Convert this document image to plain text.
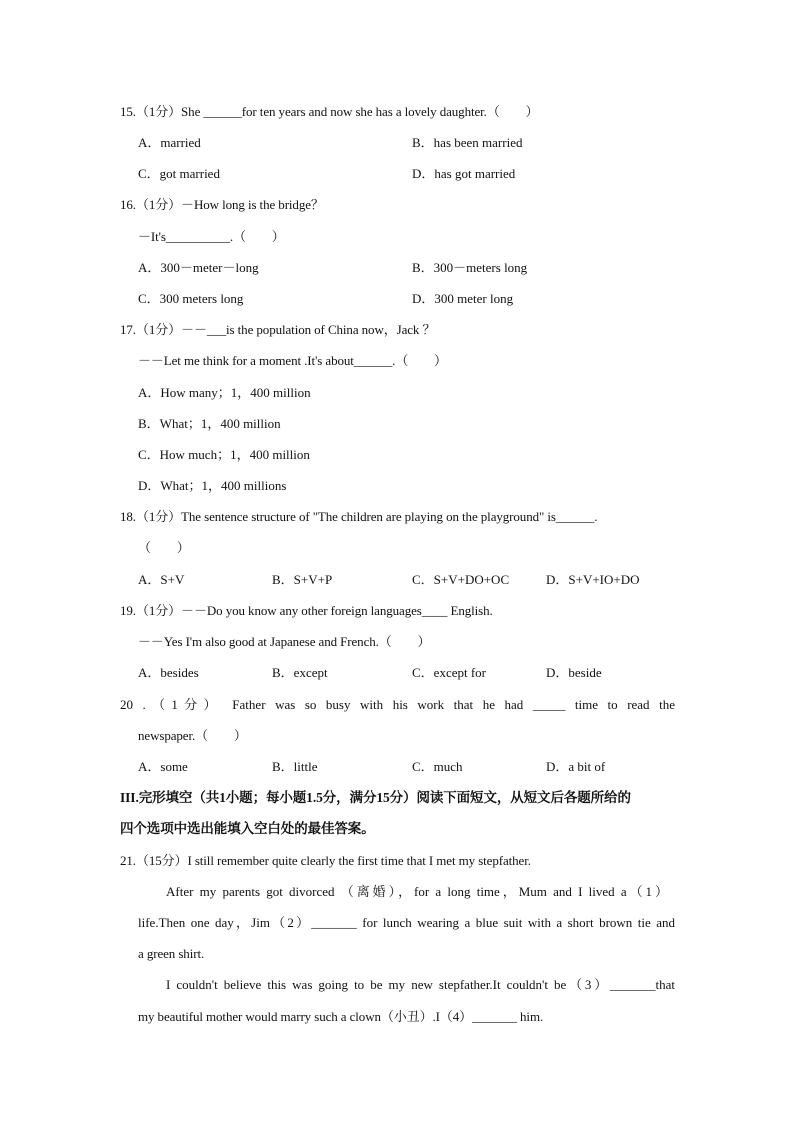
15.（1分）She ______for ten years and now she has a lovely daughter.（　　）
A．married	B．has been married
C．got married	D．has got married
16.（1分）－How long is the bridge？
－It's__________.（　　）
A．300－meter－long	B．300－meters long
C．300 meters long	D．300 meter long
17.（1分）－－___is the population of China now，Jack ？
－－Let me think for a moment .It's about______.（　　）
A．How many；1，400 million
B．What；1，400 million
C．How much；1，400 million
D．What；1，400 millions
18.（1分）The sentence structure of "The children are playing on the playground" is______.
（　　）
A．S+V	B．S+V+P	C．S+V+DO+OC	D．S+V+IO+DO
19.（1分）－－Do you know any other foreign languages____ English.
－－Yes I'm also good at Japanese and French.（　　）
A．besides	B．except	C．except for	D．beside
20 .（1分） Father was so busy with his work that he had _____ time to read the
newspaper.（　　）
A．some	B．little	C．much	D．a bit of
III.完形填空（共1小题；每小题1.5分，满分15分）阅读下面短文，从短文后各题所给的
四个选项中选出能填入空白处的最佳答案。
21.（15分）I still remember quite clearly the first time that I met my stepfather.
After my parents got divorced （离婚），for a long time，Mum and I lived a（1）
life.Then one day，Jim（2）_______ for lunch wearing a blue suit with a short brown tie and
a green shirt.
I couldn't believe this was going to be my new stepfather.It couldn't be（3）_______that
my beautiful mother would marry such a clown（小丑）.I（4）_______ him.
